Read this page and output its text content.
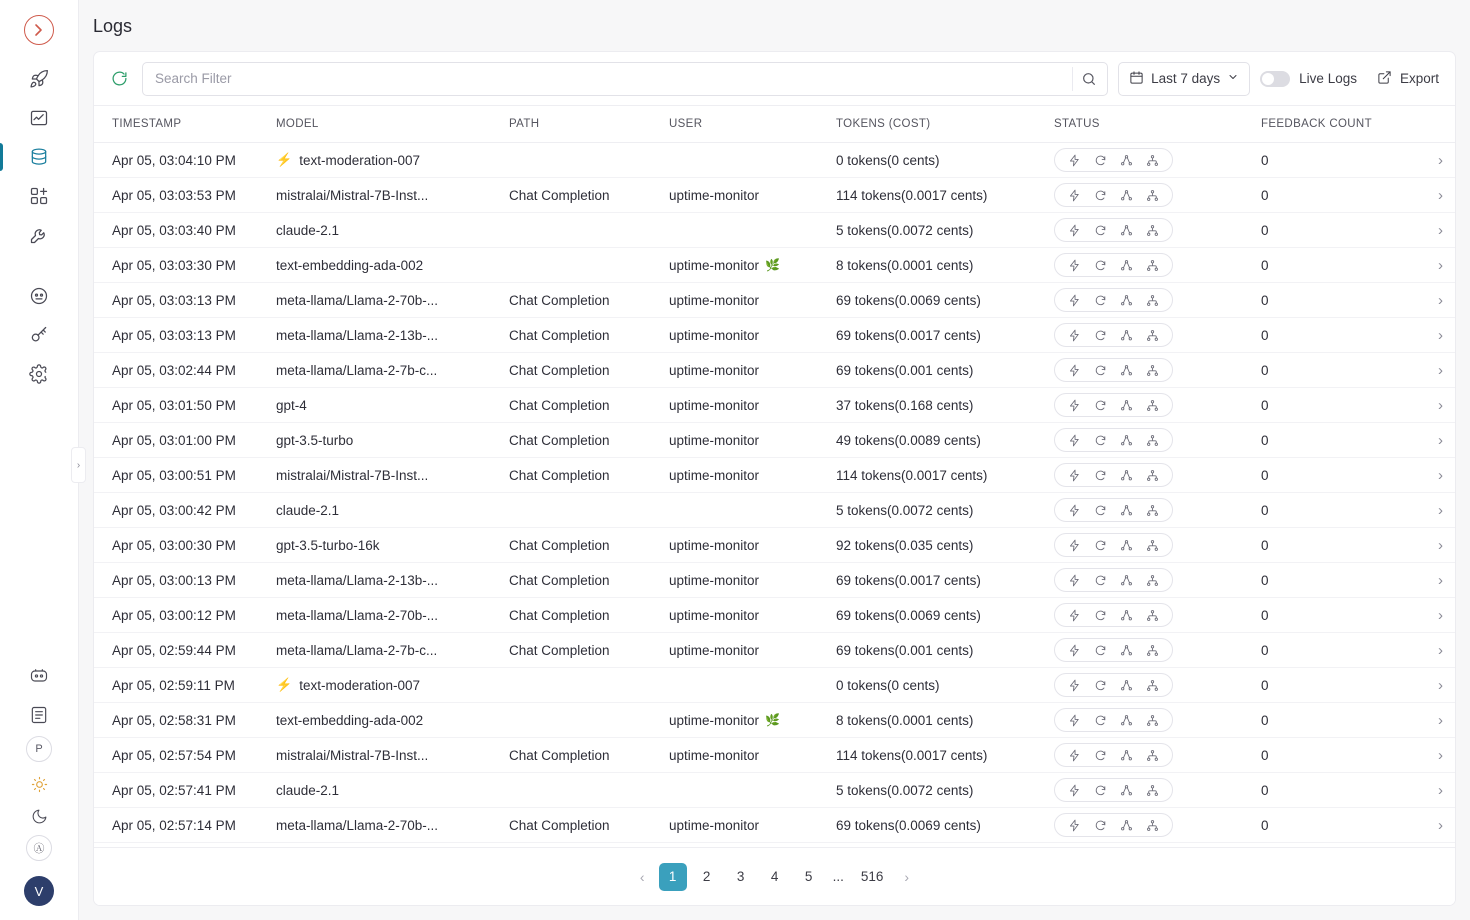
P
Ⓐ
V
›
Logs
Search Filter
Last 7 days	Live Logs	Export
TIMESTAMP	MODEL	PATH	USER	TOKENS (COST)	STATUS	FEEDBACK COUNT	
Apr 05, 03:04:10 PM	⚡ text-moderation-007			0 tokens(0 cents)		0	›
Apr 05, 03:03:53 PM	mistralai/Mistral-7B-Inst...	Chat Completion	uptime-monitor	114 tokens(0.0017 cents)		0	›
Apr 05, 03:03:40 PM	claude-2.1			5 tokens(0.0072 cents)		0	›
Apr 05, 03:03:30 PM	text-embedding-ada-002		uptime-monitor 🌿	8 tokens(0.0001 cents)		0	›
Apr 05, 03:03:13 PM	meta-llama/Llama-2-70b-...	Chat Completion	uptime-monitor	69 tokens(0.0069 cents)		0	›
Apr 05, 03:03:13 PM	meta-llama/Llama-2-13b-...	Chat Completion	uptime-monitor	69 tokens(0.0017 cents)		0	›
Apr 05, 03:02:44 PM	meta-llama/Llama-2-7b-c...	Chat Completion	uptime-monitor	69 tokens(0.001 cents)		0	›
Apr 05, 03:01:50 PM	gpt-4	Chat Completion	uptime-monitor	37 tokens(0.168 cents)		0	›
Apr 05, 03:01:00 PM	gpt-3.5-turbo	Chat Completion	uptime-monitor	49 tokens(0.0089 cents)		0	›
Apr 05, 03:00:51 PM	mistralai/Mistral-7B-Inst...	Chat Completion	uptime-monitor	114 tokens(0.0017 cents)		0	›
Apr 05, 03:00:42 PM	claude-2.1			5 tokens(0.0072 cents)		0	›
Apr 05, 03:00:30 PM	gpt-3.5-turbo-16k	Chat Completion	uptime-monitor	92 tokens(0.035 cents)		0	›
Apr 05, 03:00:13 PM	meta-llama/Llama-2-13b-...	Chat Completion	uptime-monitor	69 tokens(0.0017 cents)		0	›
Apr 05, 03:00:12 PM	meta-llama/Llama-2-70b-...	Chat Completion	uptime-monitor	69 tokens(0.0069 cents)		0	›
Apr 05, 02:59:44 PM	meta-llama/Llama-2-7b-c...	Chat Completion	uptime-monitor	69 tokens(0.001 cents)		0	›
Apr 05, 02:59:11 PM	⚡ text-moderation-007			0 tokens(0 cents)		0	›
Apr 05, 02:58:31 PM	text-embedding-ada-002		uptime-monitor 🌿	8 tokens(0.0001 cents)		0	›
Apr 05, 02:57:54 PM	mistralai/Mistral-7B-Inst...	Chat Completion	uptime-monitor	114 tokens(0.0017 cents)		0	›
Apr 05, 02:57:41 PM	claude-2.1			5 tokens(0.0072 cents)		0	›
Apr 05, 02:57:14 PM	meta-llama/Llama-2-70b-...	Chat Completion	uptime-monitor	69 tokens(0.0069 cents)		0	›
‹	1	2	3	4	5	...	516	›
